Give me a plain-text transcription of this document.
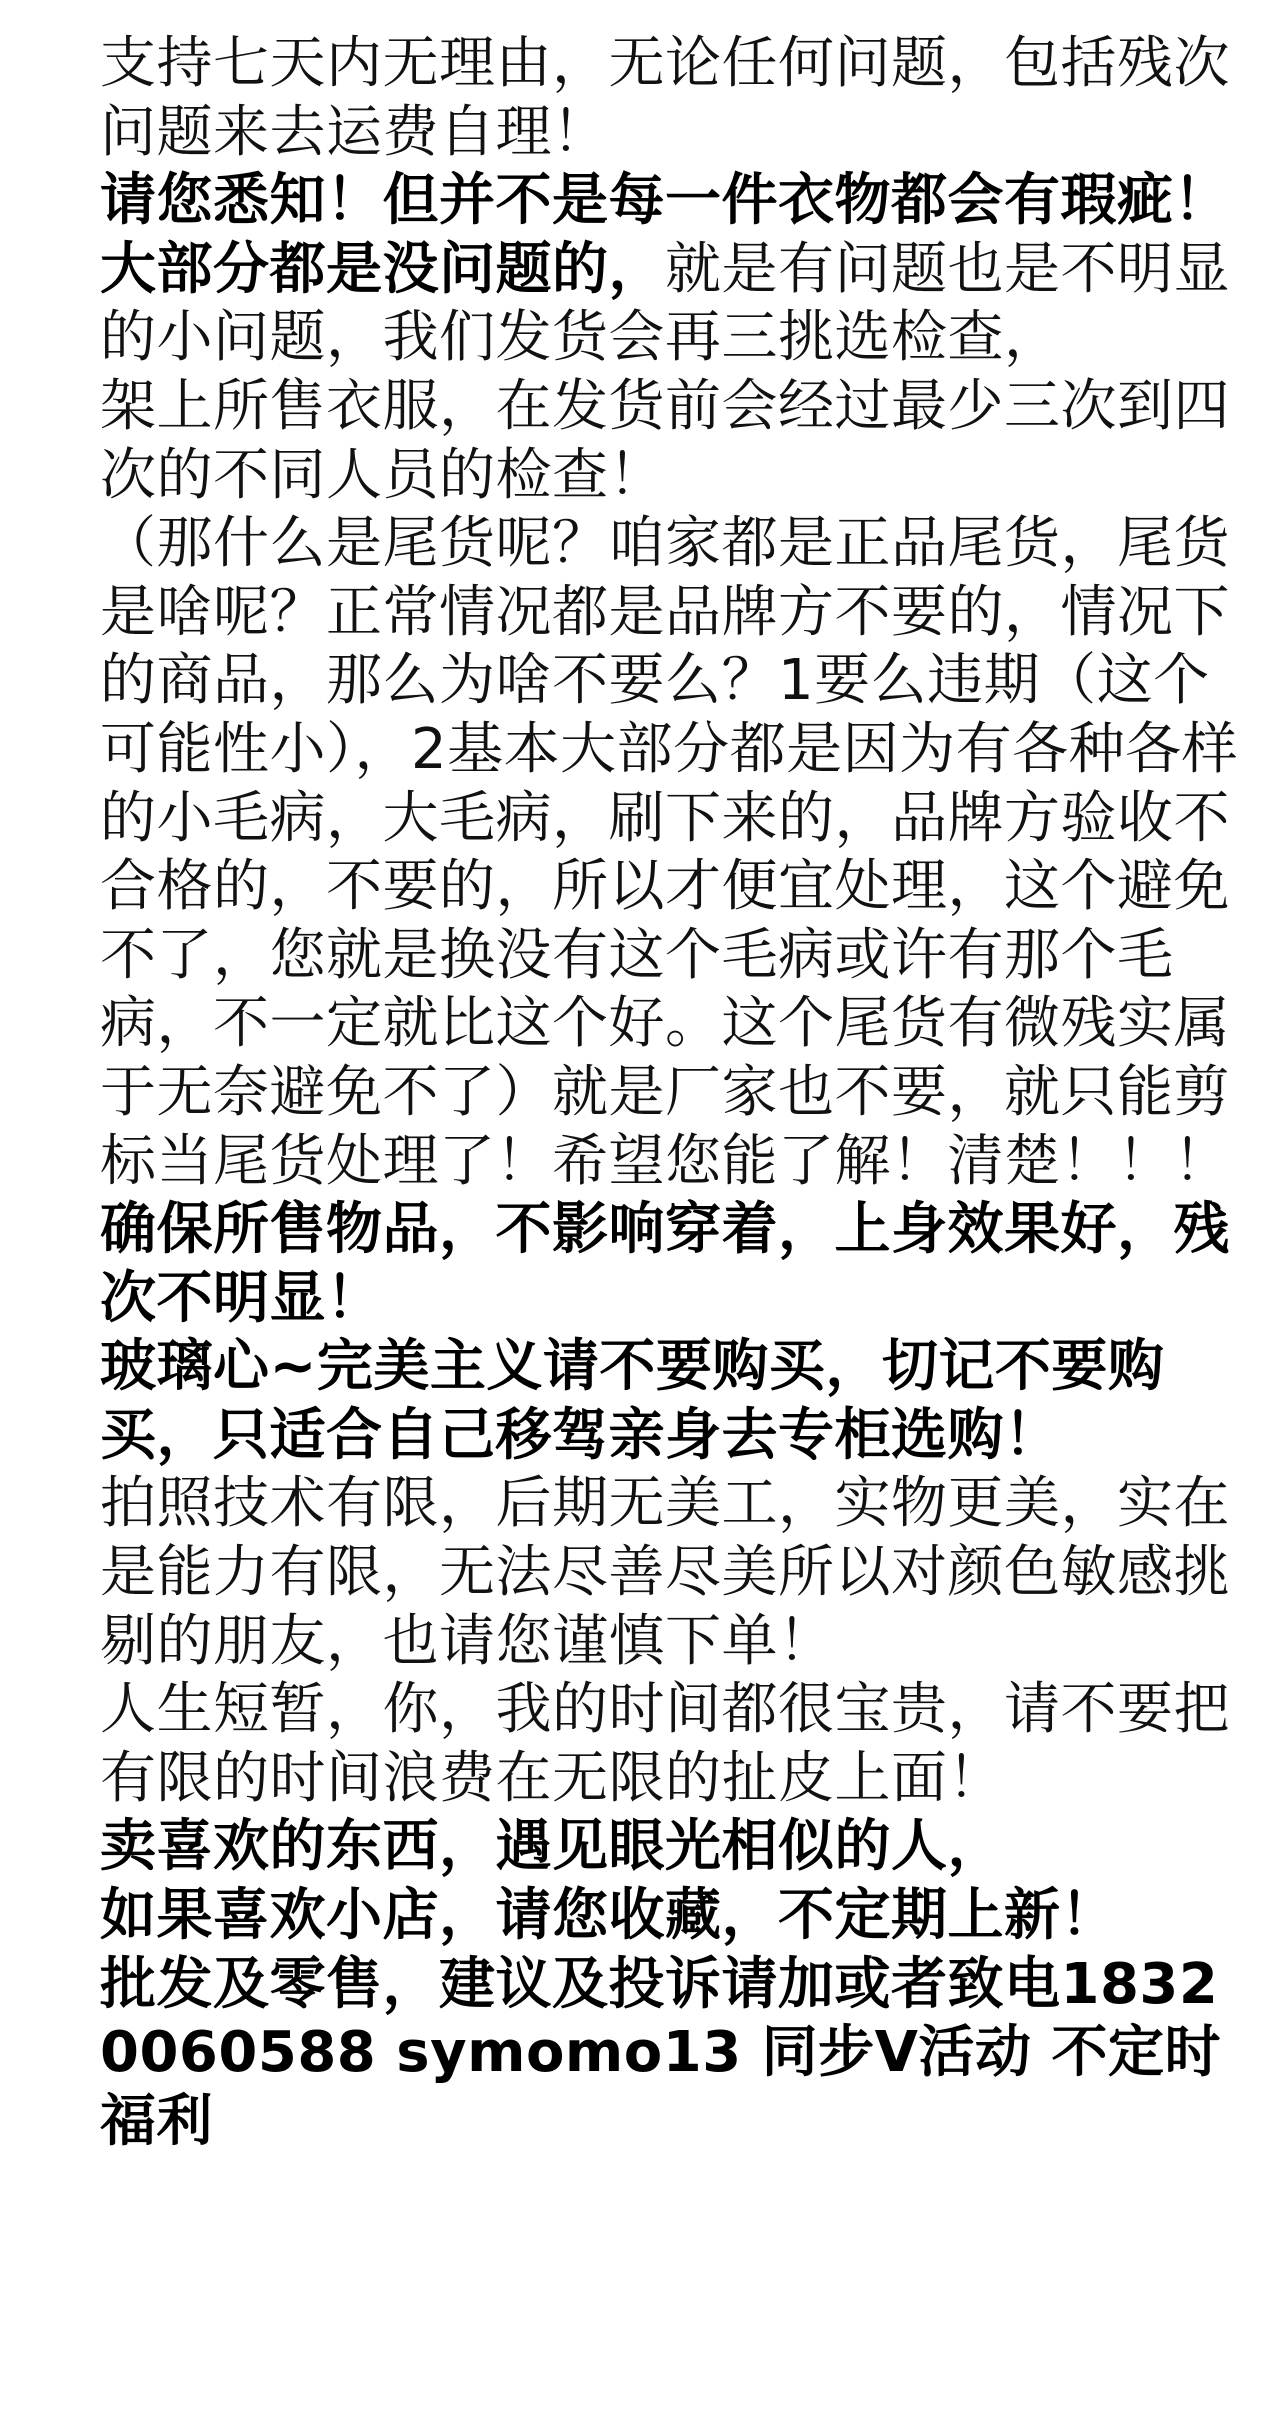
支持七天内无理由，无论任何问题，包括残次问题来去运费自理！

请您悉知！但并不是每一件衣物都会有瑕疵！大部分都是没问题的，就是有问题也是不明显的小问题，我们发货会再三挑选检查，

架上所售衣服，在发货前会经过最少三次到四次的不同人员的检查！

（那什么是尾货呢？咱家都是正品尾货，尾货是啥呢？正常情况都是品牌方不要的，情况下的商品，那么为啥不要么？1要么违期（这个可能性小），2基本大部分都是因为有各种各样的小毛病，大毛病，刷下来的，品牌方验收不合格的，不要的，所以才便宜处理，这个避免不了，您就是换没有这个毛病或许有那个毛病，不一定就比这个好。这个尾货有微残实属于无奈避免不了）就是厂家也不要，就只能剪标当尾货处理了！希望您能了解！清楚！！！

确保所售物品，不影响穿着，上身效果好，残次不明显！

玻璃心~完美主义请不要购买，切记不要购买，只适合自己移驾亲身去专柜选购！

拍照技术有限，后期无美工，实物更美，实在是能力有限，无法尽善尽美所以对颜色敏感挑剔的朋友，也请您谨慎下单！

人生短暂，你，我的时间都很宝贵，请不要把有限的时间浪费在无限的扯皮上面！

卖喜欢的东西，遇见眼光相似的人，

如果喜欢小店，请您收藏，不定期上新！

批发及零售，建议及投诉请加或者致电18320060588 symomo13 同步V活动 不定时福利
